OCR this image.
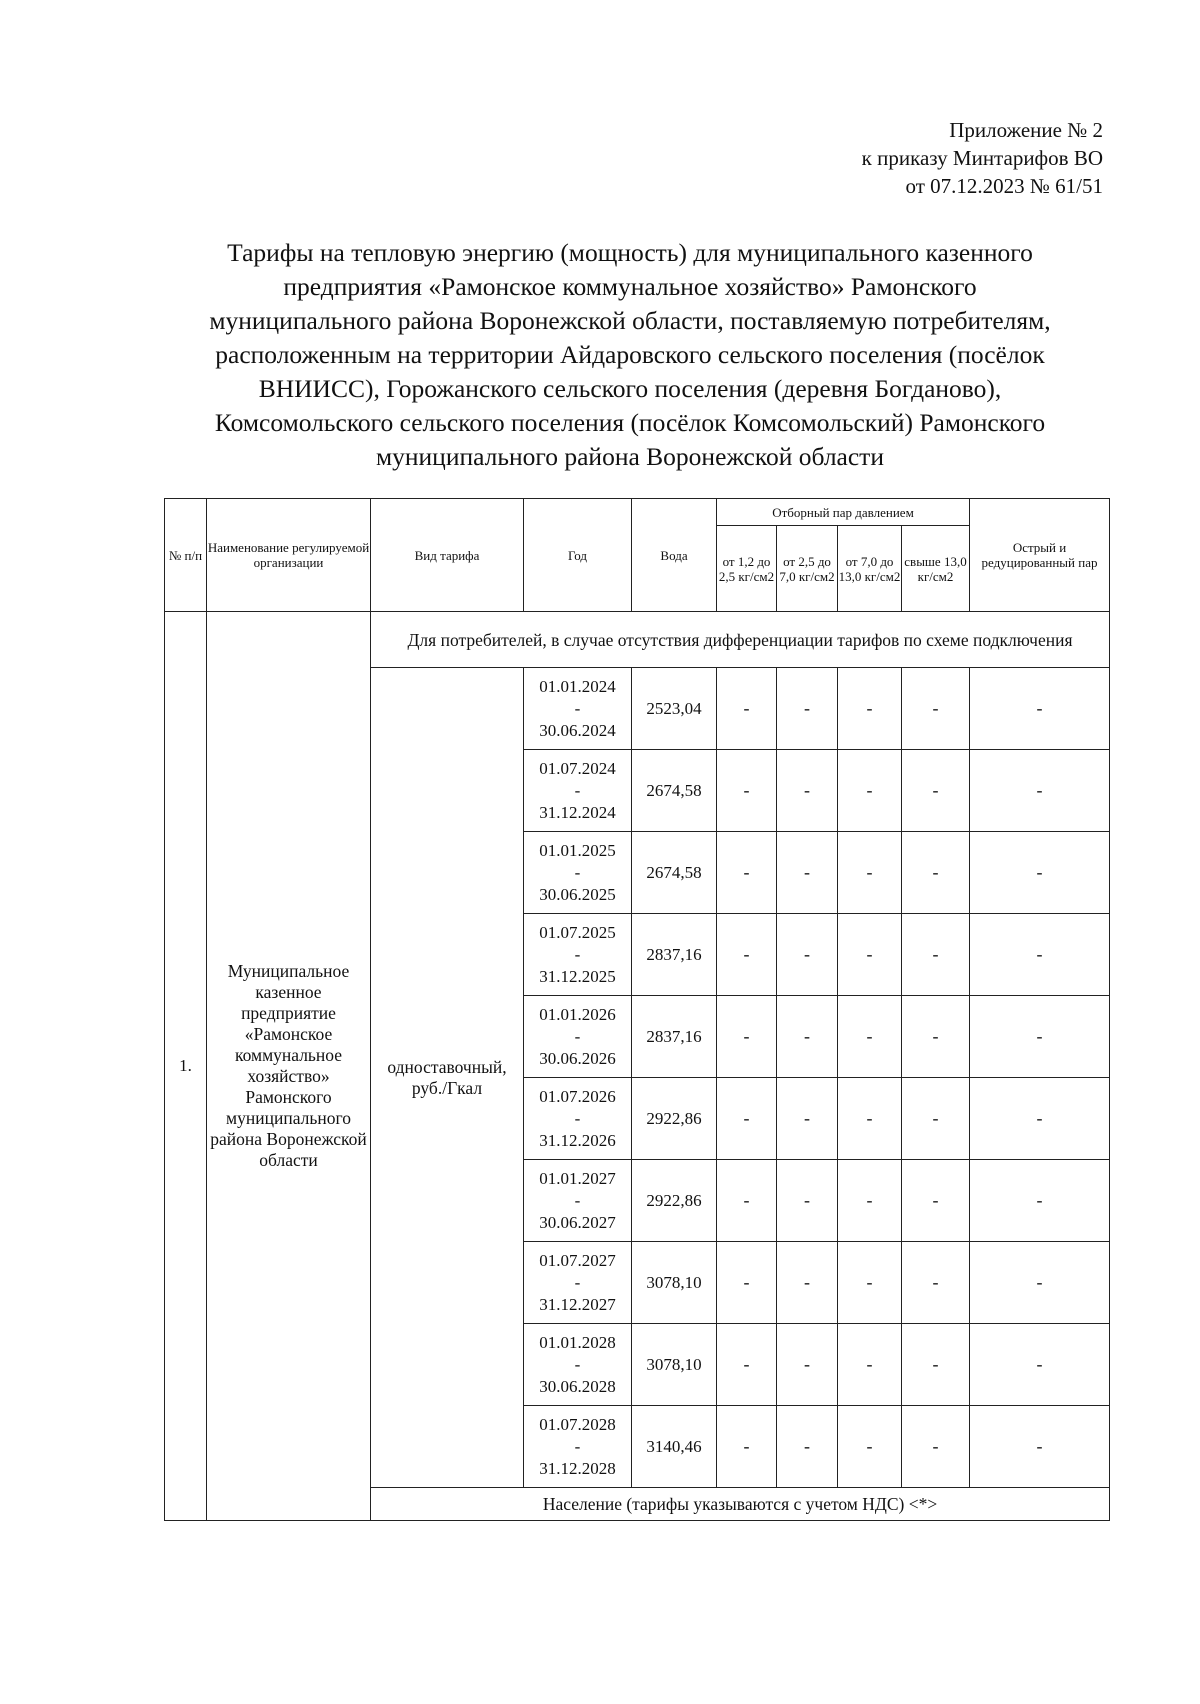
Приложение № 2
к приказу Минтарифов ВО
от 07.12.2023 № 61/51
Тарифы на тепловую энергию (мощность) для муниципального казенного
предприятия «Рамонское коммунальное хозяйство» Рамонского
муниципального района Воронежской области, поставляемую потребителям,
расположенным на территории Айдаровского сельского поселения (посёлок
ВНИИСС), Горожанского сельского поселения (деревня Богданово),
Комсомольского сельского поселения (посёлок Комсомольский) Рамонского
муниципального района Воронежской области
№ п/п	Наименование регулируемой организации	Вид тарифа	Год	Вода	Отборный пар давлением				Острый и редуцированный пар
					от 1,2 до 2,5 кг/см2	от 2,5 до 7,0 кг/см2	от 7,0 до 13,0 кг/см2	свыше 13,0 кг/см2	
1.	Муниципальное казенное предприятие «Рамонское коммунальное хозяйство» Рамонского муниципального района Воронежской области	Для потребителей, в случае отсутствия дифференциации тарифов по схеме подключения							
		одноставочный, руб./Гкал	01.01.2024
-
30.06.2024	2523,04	-	-	-	-	-

			01.07.2024
-
31.12.2024	2674,58	-	-	-	-	-

			01.01.2025
-
30.06.2025	2674,58	-	-	-	-	-

			01.07.2025
-
31.12.2025	2837,16	-	-	-	-	-

			01.01.2026
-
30.06.2026	2837,16	-	-	-	-	-

			01.07.2026
-
31.12.2026	2922,86	-	-	-	-	-

			01.01.2027
-
30.06.2027	2922,86	-	-	-	-	-

			01.07.2027
-
31.12.2027	3078,10	-	-	-	-	-

			01.01.2028
-
30.06.2028	3078,10	-	-	-	-	-

			01.07.2028
-
31.12.2028	3140,46	-	-	-	-	-
		Население (тарифы указываются с учетом НДС) <*>							
